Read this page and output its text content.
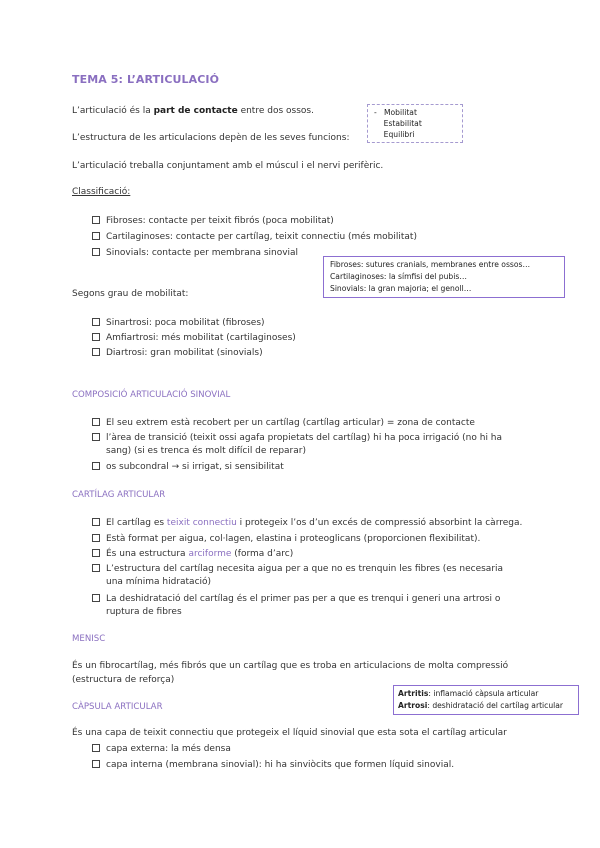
TEMA 5: L’ARTICULACIÓ
L’articulació és la part de contacte entre dos ossos.
L’estructura de les articulacions depèn de les seves funcions:
L’articulació treballa conjuntament amb el múscul i el nervi perifèric.
-   Mobilitat
Estabilitat
Equilibri
Classificació:
Fibroses: contacte per teixit fibrós (poca mobilitat)
Cartilaginoses: contacte per cartílag, teixit connectiu (més mobilitat)
Sinovials: contacte per membrana sinovial
Fibroses: sutures cranials, membranes entre ossos…
Cartilaginoses: la símfisi del pubis…
Sinovials: la gran majoria; el genoll…
Segons grau de mobilitat:
Sinartrosi: poca mobilitat (fibroses)
Amfiartrosi: més mobilitat (cartilaginoses)
Diartrosi: gran mobilitat (sinovials)
COMPOSICIÓ ARTICULACIÓ SINOVIAL
El seu extrem està recobert per un cartílag (cartílag articular) = zona de contacte
l’àrea de transició (teixit ossi agafa propietats del cartílag) hi ha poca irrigació (no hi ha
sang) (si es trenca és molt difícil de reparar)
os subcondral → si irrigat, si sensibilitat
CARTÍLAG ARTICULAR
El cartílag es teixit connectiu i protegeix l’os d’un excés de compressió absorbint la càrrega.
Està format per aigua, col·lagen, elastina i proteoglicans (proporcionen flexibilitat).
És una estructura arciforme (forma d’arc)
L’estructura del cartílag necesita aigua per a que no es trenquin les fibres (es necesaria
una mínima hidratació)
La deshidratació del cartílag és el primer pas per a que es trenqui i generi una artrosi o
ruptura de fibres
MENISC
És un fibrocartílag, més fibrós que un cartílag que es troba en articulacions de molta compressió
(estructura de reforça)
Artritis: inflamació càpsula articular
Artrosi: deshidratació del cartílag articular
CÀPSULA ARTICULAR
És una capa de teixit connectiu que protegeix el líquid sinovial que esta sota el cartílag articular
capa externa: la més densa
capa interna (membrana sinovial): hi ha sinviòcits que formen líquid sinovial.
